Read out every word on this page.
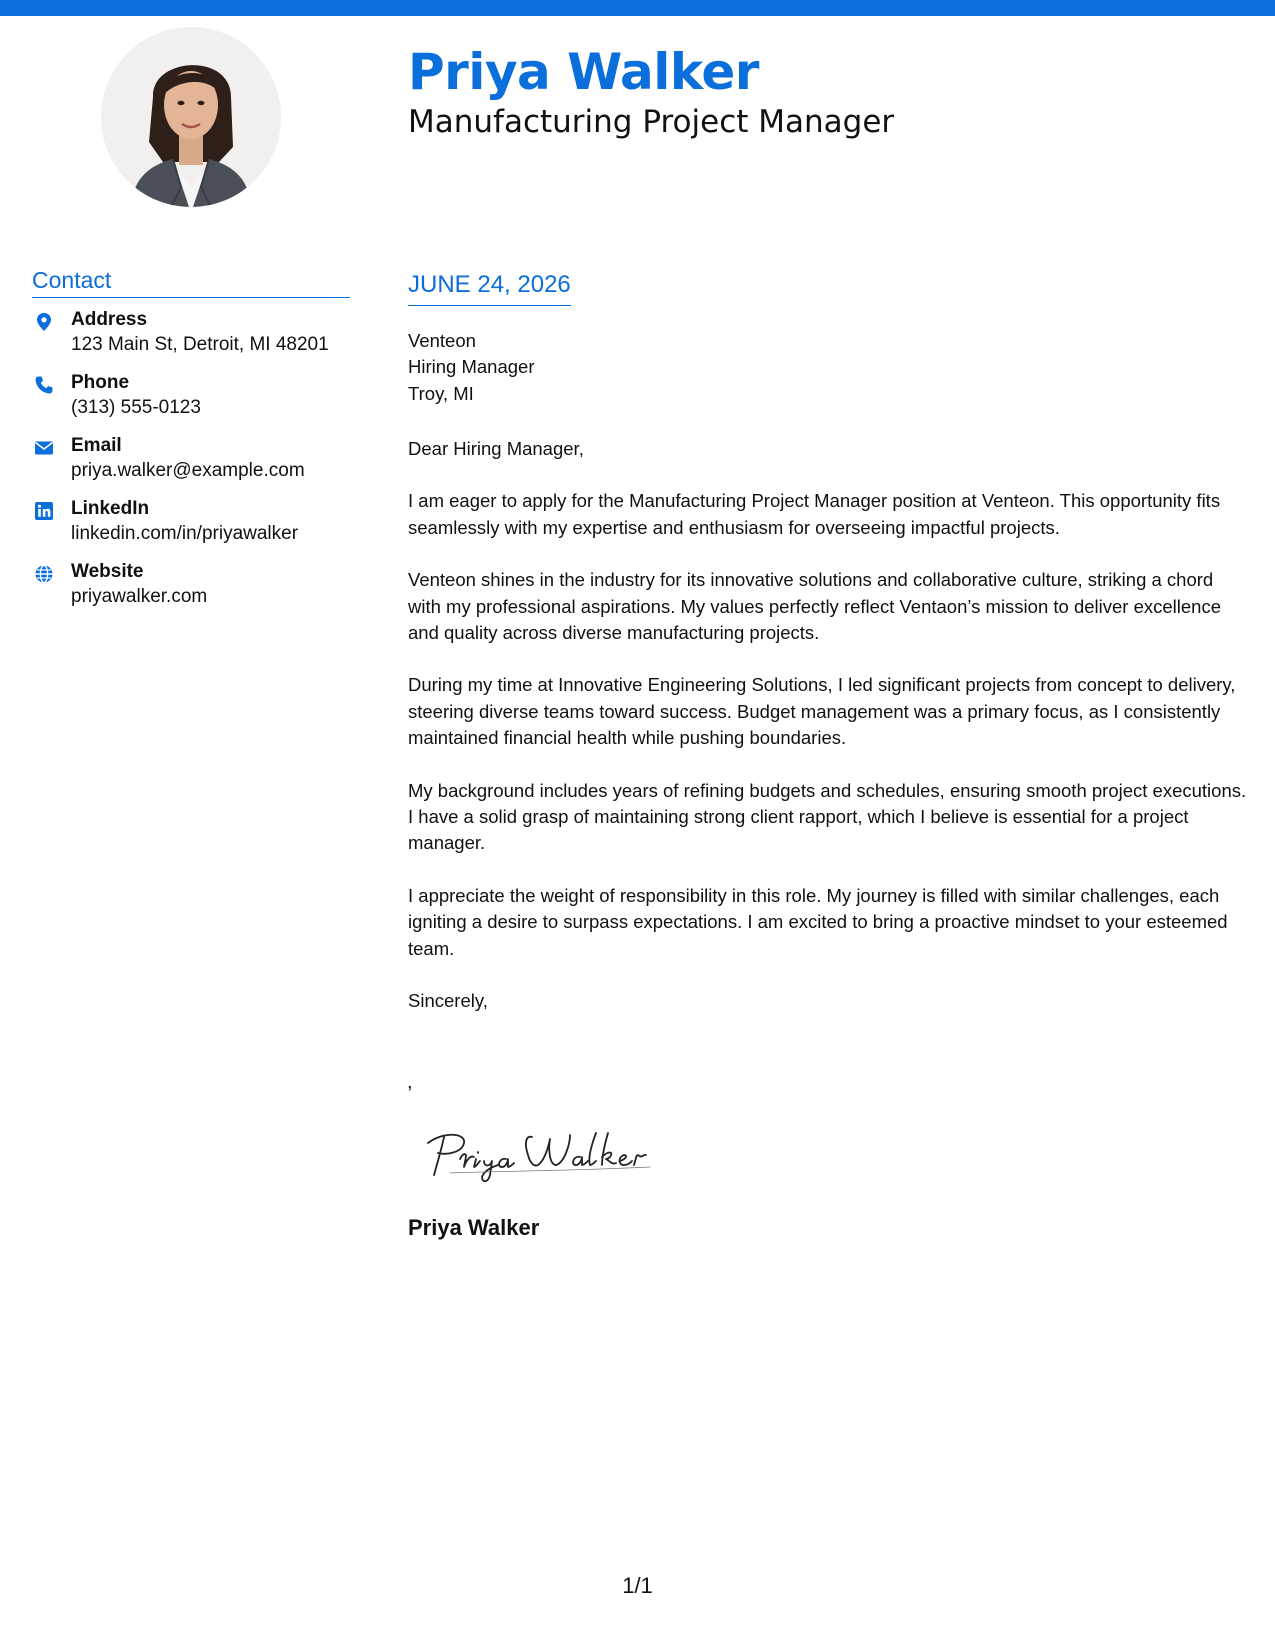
Priya Walker
Manufacturing Project Manager
Contact
Address
123 Main St, Detroit, MI 48201
Phone
(313) 555-0123
Email
priya.walker@example.com
LinkedIn
linkedin.com/in/priyawalker
Website
priyawalker.com
JUNE 24, 2026
Venteon
Hiring Manager
Troy, MI

Dear Hiring Manager,

I am eager to apply for the Manufacturing Project Manager position at Venteon. This opportunity fits seamlessly with my expertise and enthusiasm for overseeing impactful projects.

Venteon shines in the industry for its innovative solutions and collaborative culture, striking a chord with my professional aspirations. My values perfectly reflect Ventaon’s mission to deliver excellence and quality across diverse manufacturing projects.

During my time at Innovative Engineering Solutions, I led significant projects from concept to delivery, steering diverse teams toward success. Budget management was a primary focus, as I consistently maintained financial health while pushing boundaries.

My background includes years of refining budgets and schedules, ensuring smooth project executions. I have a solid grasp of maintaining strong client rapport, which I believe is essential for a project manager.

I appreciate the weight of responsibility in this role. My journey is filled with similar challenges, each igniting a desire to surpass expectations. I am excited to bring a proactive mindset to your esteemed team.

Sincerely,

,
Priya Walker
1/1
